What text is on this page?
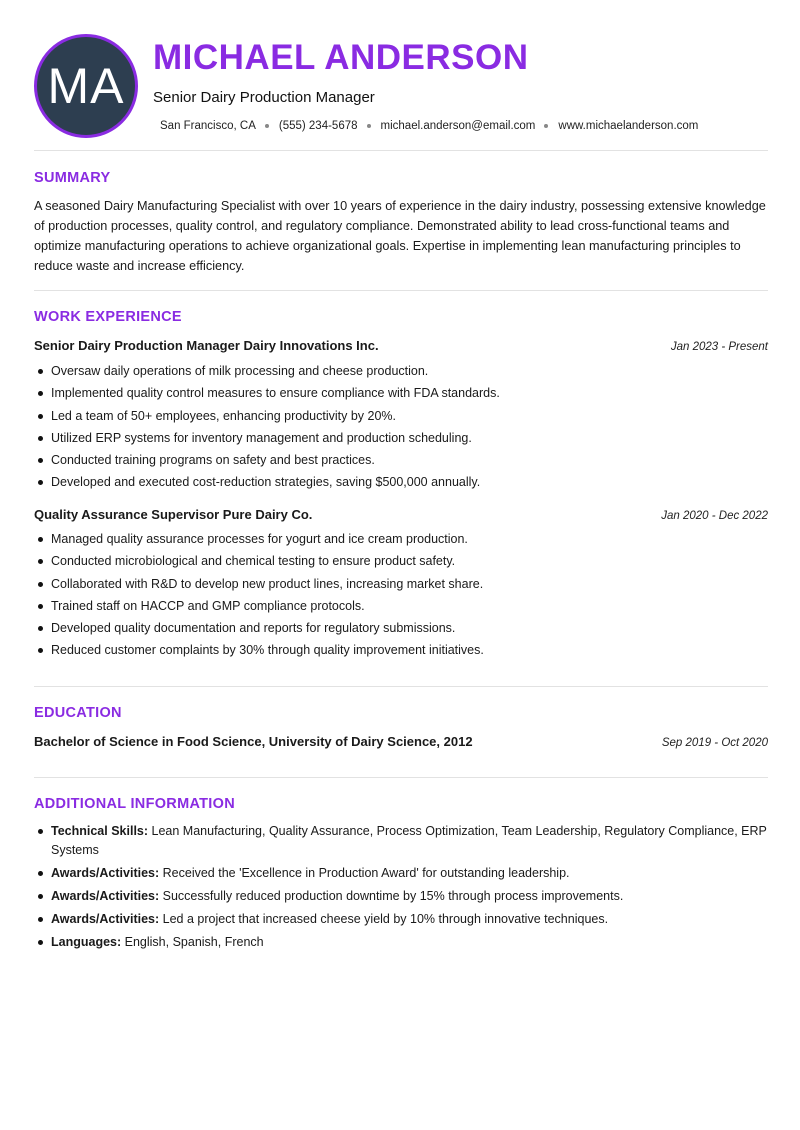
MA
MICHAEL ANDERSON
Senior Dairy Production Manager
San Francisco, CA (555) 234-5678 michael.anderson@email.com www.michaelanderson.com
SUMMARY

A seasoned Dairy Manufacturing Specialist with over 10 years of experience in the dairy industry, possessing extensive knowledge of production processes, quality control, and regulatory compliance. Demonstrated ability to lead cross-functional teams and optimize manufacturing operations to achieve organizational goals. Expertise in implementing lean manufacturing principles to reduce waste and increase efficiency.

WORK EXPERIENCE
Senior Dairy Production Manager Dairy Innovations Inc.	Jan 2023 - Present
Oversaw daily operations of milk processing and cheese production.
Implemented quality control measures to ensure compliance with FDA standards.
Led a team of 50+ employees, enhancing productivity by 20%.
Utilized ERP systems for inventory management and production scheduling.
Conducted training programs on safety and best practices.
Developed and executed cost-reduction strategies, saving $500,000 annually.
Quality Assurance Supervisor Pure Dairy Co.	Jan 2020 - Dec 2022
Managed quality assurance processes for yogurt and ice cream production.
Conducted microbiological and chemical testing to ensure product safety.
Collaborated with R&D to develop new product lines, increasing market share.
Trained staff on HACCP and GMP compliance protocols.
Developed quality documentation and reports for regulatory submissions.
Reduced customer complaints by 30% through quality improvement initiatives.
EDUCATION
Bachelor of Science in Food Science, University of Dairy Science, 2012	Sep 2019 - Oct 2020
ADDITIONAL INFORMATION
Technical Skills: Lean Manufacturing, Quality Assurance, Process Optimization, Team Leadership, Regulatory Compliance, ERP Systems
Awards/Activities: Received the 'Excellence in Production Award' for outstanding leadership.
Awards/Activities: Successfully reduced production downtime by 15% through process improvements.
Awards/Activities: Led a project that increased cheese yield by 10% through innovative techniques.
Languages: English, Spanish, French
